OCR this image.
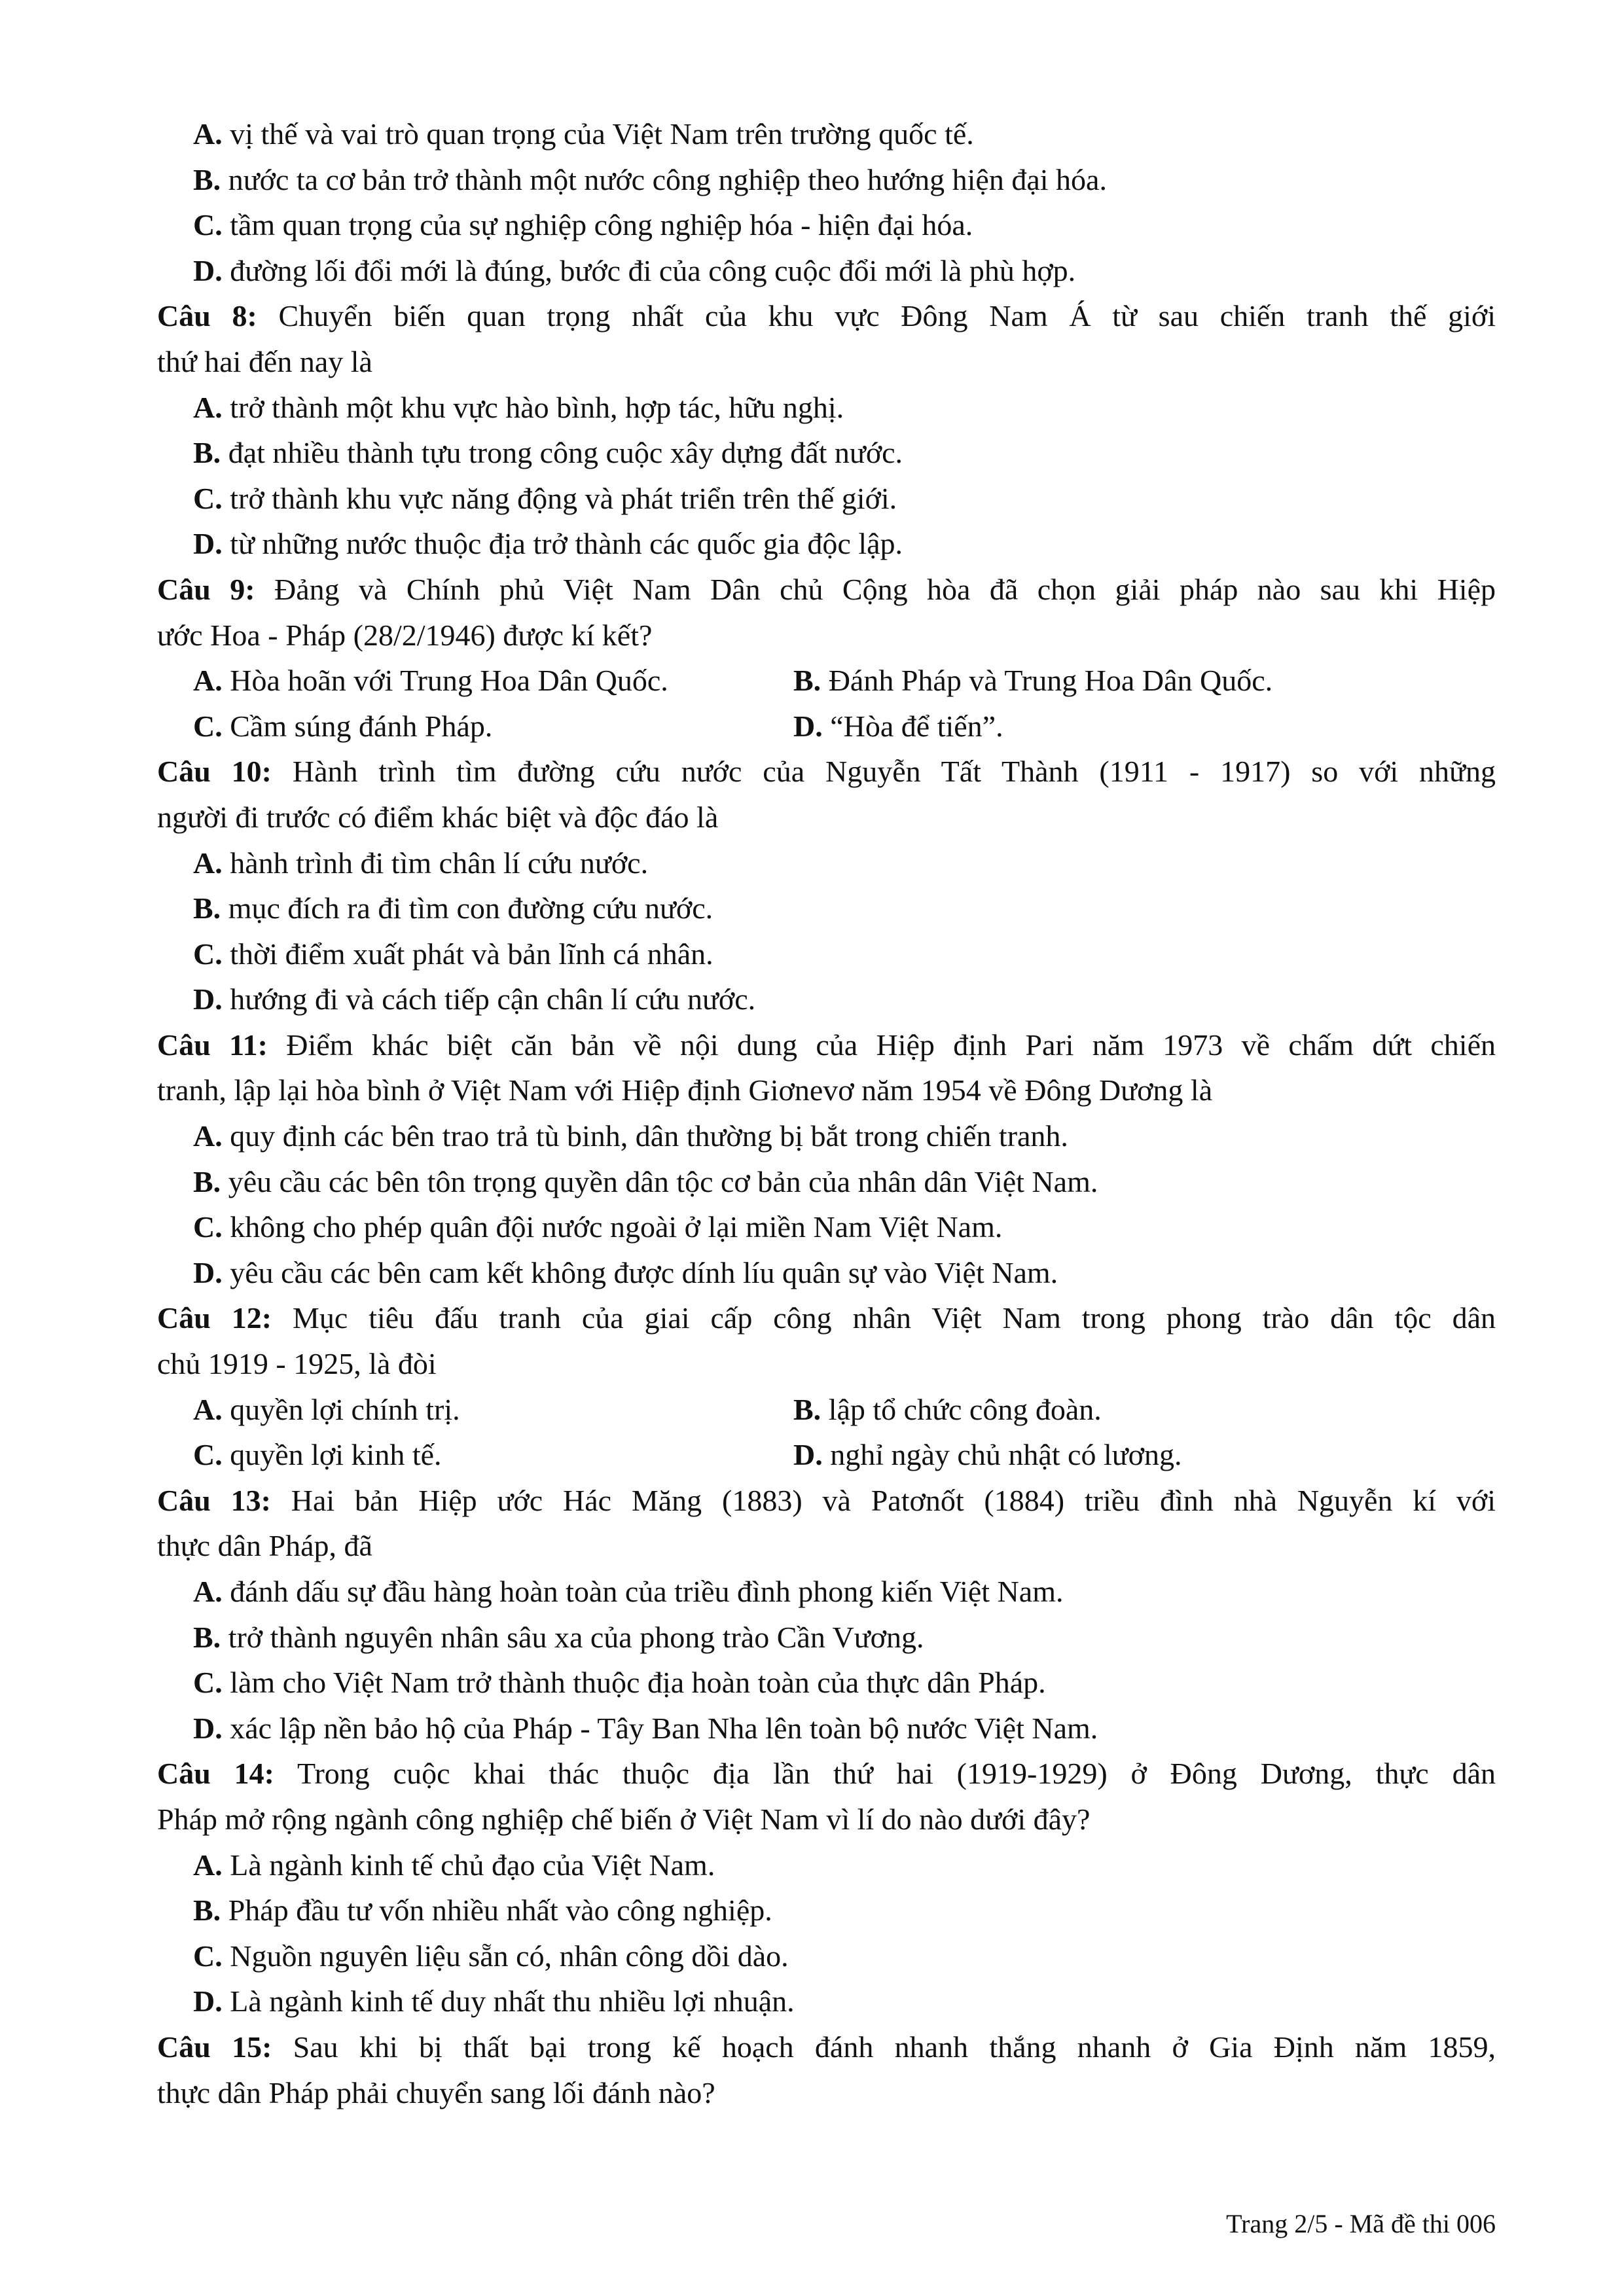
A. vị thế và vai trò quan trọng của Việt Nam trên trường quốc tế.
B. nước ta cơ bản trở thành một nước công nghiệp theo hướng hiện đại hóa.
C. tầm quan trọng của sự nghiệp công nghiệp hóa - hiện đại hóa.
D. đường lối đổi mới là đúng, bước đi của công cuộc đổi mới là phù hợp.
Câu 8: Chuyển biến quan trọng nhất của khu vực Đông Nam Á từ sau chiến tranh thế giới
thứ hai đến nay là
A. trở thành một khu vực hào bình, hợp tác, hữu nghị.
B. đạt nhiều thành tựu trong công cuộc xây dựng đất nước.
C. trở thành khu vực năng động và phát triển trên thế giới.
D. từ những nước thuộc địa trở thành các quốc gia độc lập.
Câu 9: Đảng và Chính phủ Việt Nam Dân chủ Cộng hòa đã chọn giải pháp nào sau khi Hiệp
ước Hoa - Pháp (28/2/1946) được kí kết?
A. Hòa hoãn với Trung Hoa Dân Quốc.	B. Đánh Pháp và Trung Hoa Dân Quốc.
C. Cầm súng đánh Pháp.	D. “Hòa để tiến”.
Câu 10: Hành trình tìm đường cứu nước của Nguyễn Tất Thành (1911 - 1917) so với những
người đi trước có điểm khác biệt và độc đáo là
A. hành trình đi tìm chân lí cứu nước.
B. mục đích ra đi tìm con đường cứu nước.
C. thời điểm xuất phát và bản lĩnh cá nhân.
D. hướng đi và cách tiếp cận chân lí cứu nước.
Câu 11: Điểm khác biệt căn bản về nội dung của Hiệp định Pari năm 1973 về chấm dứt chiến
tranh, lập lại hòa bình ở Việt Nam với Hiệp định Giơnevơ năm 1954 về Đông Dương là
A. quy định các bên trao trả tù binh, dân thường bị bắt trong chiến tranh.
B. yêu cầu các bên tôn trọng quyền dân tộc cơ bản của nhân dân Việt Nam.
C. không cho phép quân đội nước ngoài ở lại miền Nam Việt Nam.
D. yêu cầu các bên cam kết không được dính líu quân sự vào Việt Nam.
Câu 12: Mục tiêu đấu tranh của giai cấp công nhân Việt Nam trong phong trào dân tộc dân
chủ 1919 - 1925, là đòi
A. quyền lợi chính trị.	B. lập tổ chức công đoàn.
C. quyền lợi kinh tế.	D. nghỉ ngày chủ nhật có lương.
Câu 13: Hai bản Hiệp ước Hác Măng (1883) và Patơnốt (1884) triều đình nhà Nguyễn kí với
thực dân Pháp, đã
A. đánh dấu sự đầu hàng hoàn toàn của triều đình phong kiến Việt Nam.
B. trở thành nguyên nhân sâu xa của phong trào Cần Vương.
C. làm cho Việt Nam trở thành thuộc địa hoàn toàn của thực dân Pháp.
D. xác lập nền bảo hộ của Pháp - Tây Ban Nha lên toàn bộ nước Việt Nam.
Câu 14: Trong cuộc khai thác thuộc địa lần thứ hai (1919-1929) ở Đông Dương, thực dân
Pháp mở rộng ngành công nghiệp chế biến ở Việt Nam vì lí do nào dưới đây?
A. Là ngành kinh tế chủ đạo của Việt Nam.
B. Pháp đầu tư vốn nhiều nhất vào công nghiệp.
C. Nguồn nguyên liệu sẵn có, nhân công dồi dào.
D. Là ngành kinh tế duy nhất thu nhiều lợi nhuận.
Câu 15: Sau khi bị thất bại trong kế hoạch đánh nhanh thắng nhanh ở Gia Định năm 1859,
thực dân Pháp phải chuyển sang lối đánh nào?
Trang 2/5 - Mã đề thi 006
